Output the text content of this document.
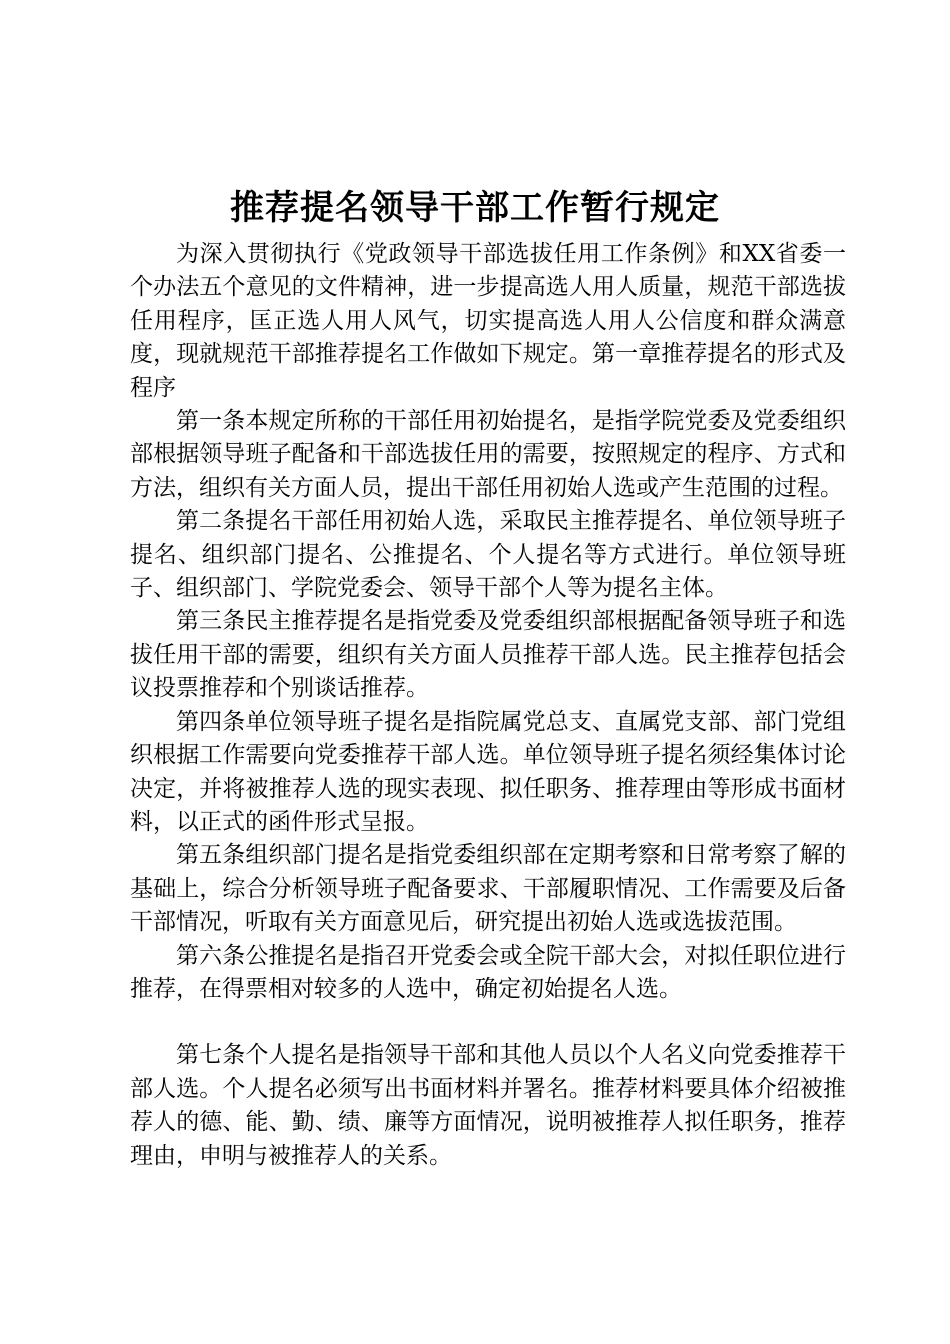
推荐提名领导干部工作暂行规定

为深入贯彻执行《党政领导干部选拔任用工作条例》和XX省委一个办法五个意见的文件精神，进一步提高选人用人质量，规范干部选拔任用程序，匡正选人用人风气，切实提高选人用人公信度和群众满意度，现就规范干部推荐提名工作做如下规定。第一章推荐提名的形式及程序

第一条本规定所称的干部任用初始提名，是指学院党委及党委组织部根据领导班子配备和干部选拔任用的需要，按照规定的程序、方式和方法，组织有关方面人员，提出干部任用初始人选或产生范围的过程。

第二条提名干部任用初始人选，采取民主推荐提名、单位领导班子提名、组织部门提名、公推提名、个人提名等方式进行。单位领导班子、组织部门、学院党委会、领导干部个人等为提名主体。

第三条民主推荐提名是指党委及党委组织部根据配备领导班子和选拔任用干部的需要，组织有关方面人员推荐干部人选。民主推荐包括会议投票推荐和个别谈话推荐。

第四条单位领导班子提名是指院属党总支、直属党支部、部门党组织根据工作需要向党委推荐干部人选。单位领导班子提名须经集体讨论决定，并将被推荐人选的现实表现、拟任职务、推荐理由等形成书面材料，以正式的函件形式呈报。

第五条组织部门提名是指党委组织部在定期考察和日常考察了解的基础上，综合分析领导班子配备要求、干部履职情况、工作需要及后备干部情况，听取有关方面意见后，研究提出初始人选或选拔范围。

第六条公推提名是指召开党委会或全院干部大会，对拟任职位进行推荐，在得票相对较多的人选中，确定初始提名人选。

第七条个人提名是指领导干部和其他人员以个人名义向党委推荐干部人选。个人提名必须写出书面材料并署名。推荐材料要具体介绍被推荐人的德、能、勤、绩、廉等方面情况，说明被推荐人拟任职务，推荐理由，申明与被推荐人的关系。
